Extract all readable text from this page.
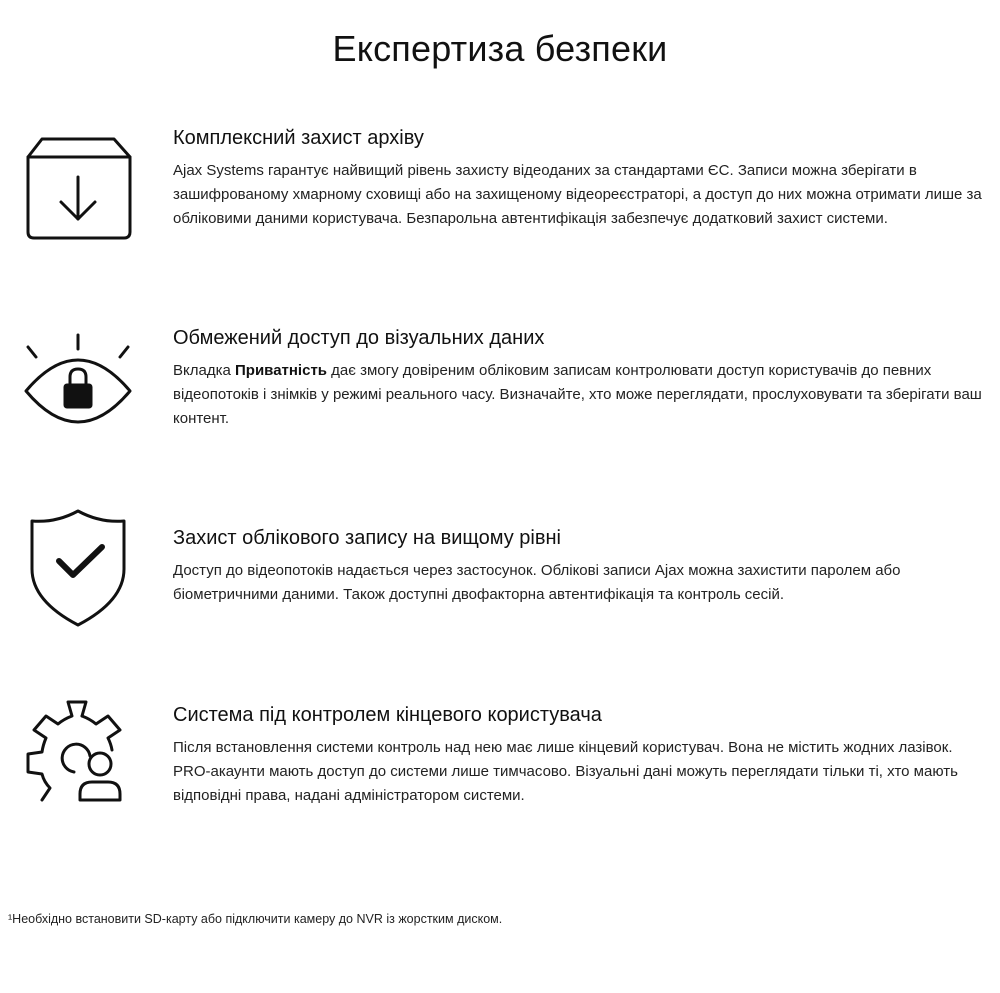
Експертиза безпеки
Комплексний захист архіву

Ajax Systems гарантує найвищий рівень захисту відеоданих за стандартами ЄС. Записи можна зберігати в зашифрованому хмарному сховищі або на захищеному відеореєстраторі, а доступ до них можна отримати лише за обліковими даними користувача. Безпарольна автентифікація забезпечує додатковий захист системи.

Обмежений доступ до візуальних даних

Вкладка Приватність дає змогу довіреним обліковим записам контролювати доступ користувачів до певних відеопотоків і знімків у режимі реального часу. Визначайте, хто може переглядати, прослуховувати та зберігати ваш контент.

Захист облікового запису на вищому рівні

Доступ до відеопотоків надається через застосунок. Облікові записи Ajax можна захистити паролем або біометричними даними. Також доступні двофакторна автентифікація та контроль сесій.

Система під контролем кінцевого користувача

Після встановлення системи контроль над нею має лише кінцевий користувач. Вона не містить жодних лазівок. PRO-акаунти мають доступ до системи лише тимчасово. Візуальні дані можуть переглядати тільки ті, хто мають відповідні права, надані адміністратором системи.

¹Необхідно встановити SD-карту або підключити камеру до NVR із жорстким диском.
